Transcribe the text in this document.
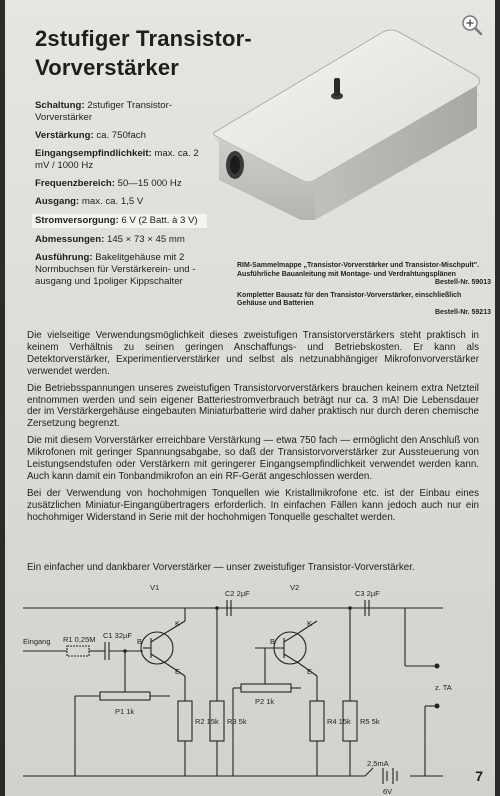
2stufiger Transistor-
Vorverstärker
Schaltung: 2stufiger Transistor-Vorverstärker
Verstärkung: ca. 750fach
Eingangsempfindlichkeit: max. ca. 2 mV / 1000 Hz
Frequenzbereich: 50—15 000 Hz
Ausgang: max. ca. 1,5 V
Stromversorgung: 6 V (2 Batt. à 3 V)
Abmessungen: 145 × 73 × 45 mm
Ausführung: Bakelitgehäuse mit 2 Normbuchsen für Verstärkerein- und -ausgang und 1poliger Kippschalter

RIM-Sammelmappe „Transistor-Vorverstärker und Transistor-Mischpult". Ausführliche Bauanleitung mit Montage- und Verdrahtungsplänen
Bestell-Nr. 59013

Kompletter Bausatz für den Transistor-Vorverstärker, einschließlich Gehäuse und Batterien
Bestell-Nr. 59213

Die vielseitige Verwendungsmöglichkeit dieses zweistufigen Transistorverstärkers steht praktisch in keinem Verhältnis zu seinen geringen Anschaffungs- und Betriebskosten. Er kann als Detektorverstärker, Experimentierverstärker und selbst als netzunabhängiger Mikrofonvorverstärker verwendet werden.

Die Betriebsspannungen unseres zweistufigen Transistorvorverstärkers brauchen keinem extra Netzteil entnommen werden und sein eigener Batteriestromverbrauch beträgt nur ca. 3 mA! Die Lebensdauer der im Verstärkergehäuse eingebauten Miniaturbatterie wird daher praktisch nur durch deren chemische Zersetzung begrenzt.

Die mit diesem Vorverstärker erreichbare Verstärkung — etwa 750 fach — ermöglicht den Anschluß von Mikrofonen mit geringer Spannungsabgabe, so daß der Transistorvorverstärker zur Aussteuerung von Leistungsendstufen oder Verstärkern mit geringerer Eingangsempfindlichkeit verwendet werden kann. Auch kann damit ein Tonbandmikrofon an ein RF-Gerät angeschlossen werden.

Bei der Verwendung von hochohmigen Tonquellen wie Kristallmikrofone etc. ist der Einbau eines zusätzlichen Miniatur-Eingangübertragers erforderlich. In einfachen Fällen kann jedoch auch nur ein hochohmiger Widerstand in Serie mit der hochohmigen Tonquelle geschaltet werden.

Ein einfacher und dankbarer Vorverstärker — unser zweistufiger Transistor-Vorverstärker.
V1	V2
R1 0,25M C1 32µF
C2 2µF	C3 2µF
P1 1k
P2 1k
R2 15k R3 5k	R4 15k R5 5k
Eingang
z. TA
2,5mA
6V
B
K
E
B
K
E
7
